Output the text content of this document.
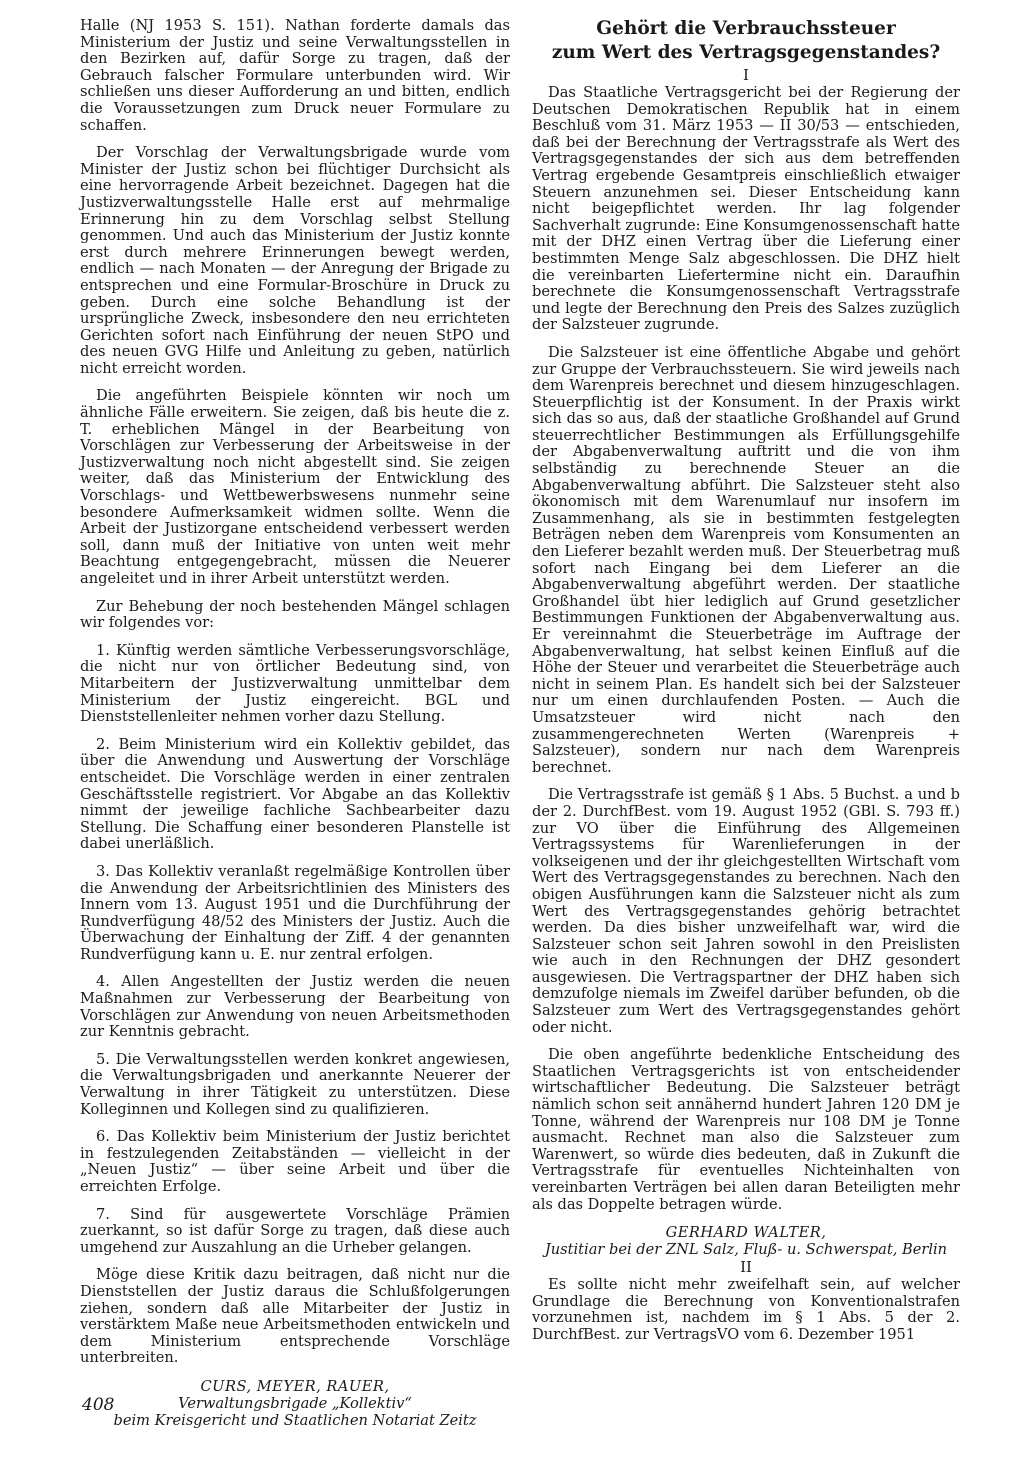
Halle (NJ 1953 S. 151). Nathan forderte damals das Ministerium der Justiz und seine Verwaltungsstellen in den Bezirken auf, dafür Sorge zu tragen, daß der Gebrauch falscher Formulare unterbunden wird. Wir schließen uns dieser Aufforderung an und bitten, endlich die Voraussetzungen zum Druck neuer Formulare zu schaffen.

Der Vorschlag der Verwaltungsbrigade wurde vom Minister der Justiz schon bei flüchtiger Durchsicht als eine hervorragende Arbeit bezeichnet. Dagegen hat die Justizverwaltungsstelle Halle erst auf mehrmalige Erinnerung hin zu dem Vorschlag selbst Stellung genommen. Und auch das Ministerium der Justiz konnte erst durch mehrere Erinnerungen bewegt werden, endlich — nach Monaten — der Anregung der Brigade zu entsprechen und eine Formular-Broschüre in Druck zu geben. Durch eine solche Behandlung ist der ursprüngliche Zweck, insbesondere den neu errichteten Gerichten sofort nach Einführung der neuen StPO und des neuen GVG Hilfe und Anleitung zu geben, natürlich nicht erreicht worden.

Die angeführten Beispiele könnten wir noch um ähnliche Fälle erweitern. Sie zeigen, daß bis heute die z. T. erheblichen Mängel in der Bearbeitung von Vorschlägen zur Verbesserung der Arbeitsweise in der Justizverwaltung noch nicht abgestellt sind. Sie zeigen weiter, daß das Ministerium der Entwicklung des Vorschlags- und Wettbewerbswesens nunmehr seine besondere Aufmerksamkeit widmen sollte. Wenn die Arbeit der Justizorgane entscheidend verbessert werden soll, dann muß der Initiative von unten weit mehr Beachtung entgegengebracht, müssen die Neuerer angeleitet und in ihrer Arbeit unterstützt werden.

Zur Behebung der noch bestehenden Mängel schlagen wir folgendes vor:

1. Künftig werden sämtliche Verbesserungsvorschläge, die nicht nur von örtlicher Bedeutung sind, von Mitarbeitern der Justizverwaltung unmittelbar dem Ministerium der Justiz eingereicht. BGL und Dienststellenleiter nehmen vorher dazu Stellung.

2. Beim Ministerium wird ein Kollektiv gebildet, das über die Anwendung und Auswertung der Vorschläge entscheidet. Die Vorschläge werden in einer zentralen Geschäftsstelle registriert. Vor Abgabe an das Kollektiv nimmt der jeweilige fachliche Sachbearbeiter dazu Stellung. Die Schaffung einer besonderen Planstelle ist dabei unerläßlich.

3. Das Kollektiv veranlaßt regelmäßige Kontrollen über die Anwendung der Arbeitsrichtlinien des Ministers des Innern vom 13. August 1951 und die Durchführung der Rundverfügung 48/52 des Ministers der Justiz. Auch die Überwachung der Einhaltung der Ziff. 4 der genannten Rundverfügung kann u. E. nur zentral erfolgen.

4. Allen Angestellten der Justiz werden die neuen Maßnahmen zur Verbesserung der Bearbeitung von Vorschlägen zur Anwendung von neuen Arbeitsmethoden zur Kenntnis gebracht.

5. Die Verwaltungsstellen werden konkret angewiesen, die Verwaltungsbrigaden und anerkannte Neuerer der Verwaltung in ihrer Tätigkeit zu unterstützen. Diese Kolleginnen und Kollegen sind zu qualifizieren.

6. Das Kollektiv beim Ministerium der Justiz berichtet in festzulegenden Zeitabständen — vielleicht in der „Neuen Justiz“ — über seine Arbeit und über die erreichten Erfolge.

7. Sind für ausgewertete Vorschläge Prämien zuerkannt, so ist dafür Sorge zu tragen, daß diese auch umgehend zur Auszahlung an die Urheber gelangen.

Möge diese Kritik dazu beitragen, daß nicht nur die Dienststellen der Justiz daraus die Schlußfolgerungen ziehen, sondern daß alle Mitarbeiter der Justiz in verstärktem Maße neue Arbeitsmethoden entwickeln und dem Ministerium entsprechende Vorschläge unterbreiten.

CURS, MEYER, RAUER,

Verwaltungsbrigade „Kollektiv“

beim Kreisgericht und Staatlichen Notariat Zeitz

Gehört die Verbrauchssteuer
zum Wert des Vertragsgegenstandes?
I

Das Staatliche Vertragsgericht bei der Regierung der Deutschen Demokratischen Republik hat in einem Beschluß vom 31. März 1953 — II 30/53 — entschieden, daß bei der Berechnung der Vertragsstrafe als Wert des Vertragsgegenstandes der sich aus dem betreffenden Vertrag ergebende Gesamtpreis einschließlich etwaiger Steuern anzunehmen sei. Dieser Entscheidung kann nicht beigepflichtet werden. Ihr lag folgender Sachverhalt zugrunde: Eine Konsumgenossenschaft hatte mit der DHZ einen Vertrag über die Lieferung einer bestimmten Menge Salz abgeschlossen. Die DHZ hielt die vereinbarten Liefertermine nicht ein. Daraufhin berechnete die Konsumgenossenschaft Vertragsstrafe und legte der Berechnung den Preis des Salzes zuzüglich der Salzsteuer zugrunde.

Die Salzsteuer ist eine öffentliche Abgabe und gehört zur Gruppe der Verbrauchssteuern. Sie wird jeweils nach dem Warenpreis berechnet und diesem hinzugeschlagen. Steuerpflichtig ist der Konsument. In der Praxis wirkt sich das so aus, daß der staatliche Großhandel auf Grund steuerrechtlicher Bestimmungen als Erfüllungsgehilfe der Abgabenverwaltung auftritt und die von ihm selbständig zu berechnende Steuer an die Abgabenverwaltung abführt. Die Salzsteuer steht also ökonomisch mit dem Warenumlauf nur insofern im Zusammenhang, als sie in bestimmten festgelegten Beträgen neben dem Warenpreis vom Konsumenten an den Lieferer bezahlt werden muß. Der Steuerbetrag muß sofort nach Eingang bei dem Lieferer an die Abgabenverwaltung abgeführt werden. Der staatliche Großhandel übt hier lediglich auf Grund gesetzlicher Bestimmungen Funktionen der Abgabenverwaltung aus. Er vereinnahmt die Steuerbeträge im Auftrage der Abgabenverwaltung, hat selbst keinen Einfluß auf die Höhe der Steuer und verarbeitet die Steuerbeträge auch nicht in seinem Plan. Es handelt sich bei der Salzsteuer nur um einen durchlaufenden Posten. — Auch die Umsatzsteuer wird nicht nach den zusammengerechneten Werten (Warenpreis + Salzsteuer), sondern nur nach dem Warenpreis berechnet.

Die Vertragsstrafe ist gemäß § 1 Abs. 5 Buchst. a und b der 2. DurchfBest. vom 19. August 1952 (GBl. S. 793 ff.) zur VO über die Einführung des Allgemeinen Vertragssystems für Warenlieferungen in der volkseigenen und der ihr gleichgestellten Wirtschaft vom Wert des Vertragsgegenstandes zu berechnen. Nach den obigen Ausführungen kann die Salzsteuer nicht als zum Wert des Vertragsgegenstandes gehörig betrachtet werden. Da dies bisher unzweifelhaft war, wird die Salzsteuer schon seit Jahren sowohl in den Preislisten wie auch in den Rechnungen der DHZ gesondert ausgewiesen. Die Vertragspartner der DHZ haben sich demzufolge niemals im Zweifel darüber befunden, ob die Salzsteuer zum Wert des Vertragsgegenstandes gehört oder nicht.

Die oben angeführte bedenkliche Entscheidung des Staatlichen Vertragsgerichts ist von entscheidender wirtschaftlicher Bedeutung. Die Salzsteuer beträgt nämlich schon seit annähernd hundert Jahren 120 DM je Tonne, während der Warenpreis nur 108 DM je Tonne ausmacht. Rechnet man also die Salzsteuer zum Warenwert, so würde dies bedeuten, daß in Zukunft die Vertragsstrafe für eventuelles Nichteinhalten von vereinbarten Verträgen bei allen daran Beteiligten mehr als das Doppelte betragen würde.

GERHARD WALTER,

Justitiar bei der ZNL Salz, Fluß- u. Schwerspat, Berlin

II

Es sollte nicht mehr zweifelhaft sein, auf welcher Grundlage die Berechnung von Konventionalstrafen vorzunehmen ist, nachdem im § 1 Abs. 5 der 2. DurchfBest. zur VertragsVO vom 6. Dezember 1951

408
